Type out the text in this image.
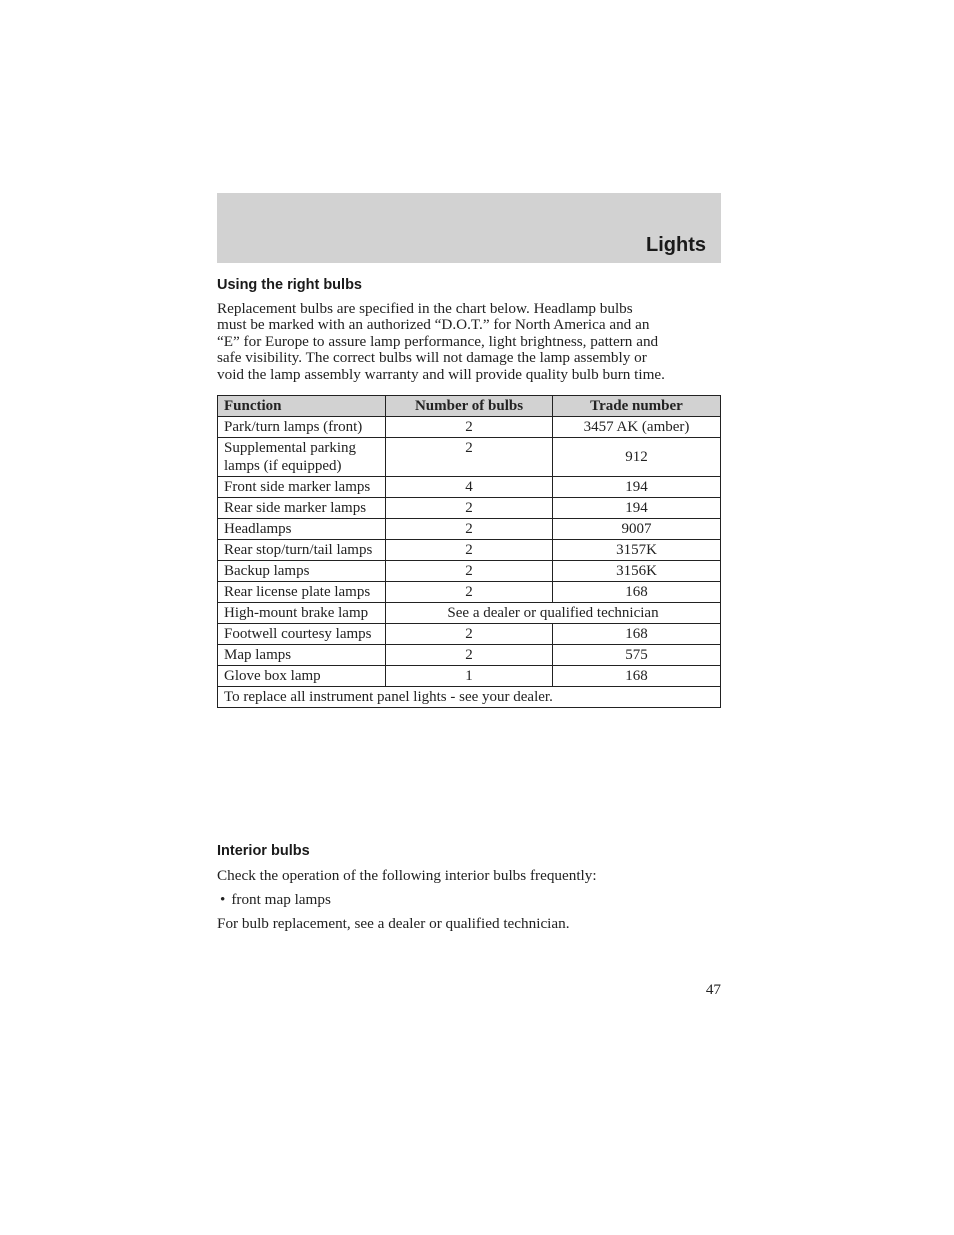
Lights
Using the right bulbs
Replacement bulbs are specified in the chart below. Headlamp bulbs
must be marked with an authorized “D.O.T.” for North America and an
“E” for Europe to assure lamp performance, light brightness, pattern and
safe visibility. The correct bulbs will not damage the lamp assembly or
void the lamp assembly warranty and will provide quality bulb burn time.
Function	Number of bulbs	Trade number
Park/turn lamps (front)	2	3457 AK (amber)
Supplemental parking lamps (if equipped)	2	912
Front side marker lamps	4	194
Rear side marker lamps	2	194
Headlamps	2	9007
Rear stop/turn/tail lamps	2	3157K
Backup lamps	2	3156K
Rear license plate lamps	2	168
High-mount brake lamp	See a dealer or qualified technician	
Footwell courtesy lamps	2	168
Map lamps	2	575
Glove box lamp	1	168
To replace all instrument panel lights - see your dealer.		
Interior bulbs
Check the operation of the following interior bulbs frequently:
• front map lamps
For bulb replacement, see a dealer or qualified technician.
47
